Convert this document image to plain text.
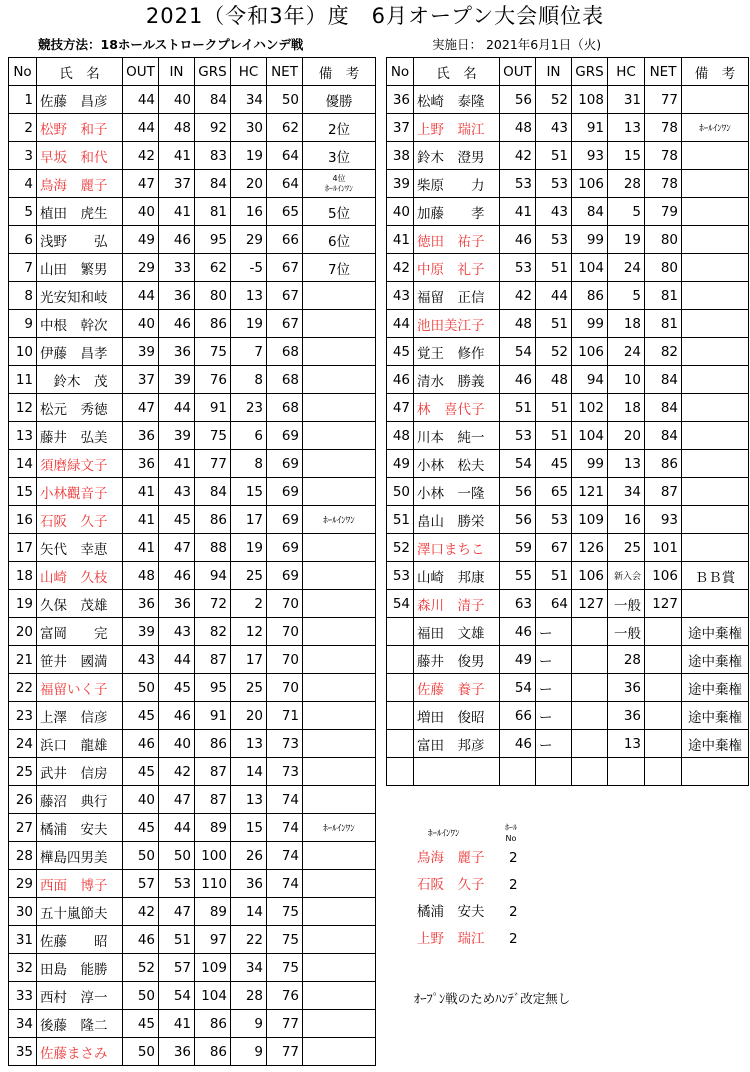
2021（令和3年）度　6月オープン大会順位表
競技方法：18ホールストロークプレイハンデ戦	実施日： 2021年6月1日（火)
No	氏　名	OUT	IN	GRS	HC	NET	備　考
1	佐藤　昌彦	44	40	84	34	50	優勝
2	松野　和子	44	48	92	30	62	2位
3	早坂　和代	42	41	83	19	64	3位
4	鳥海　麗子	47	37	84	20	64	4位
ﾎｰﾙｲﾝﾜﾝ

5	植田　虎生	40	41	81	16	65	5位
6	浅野　　弘	49	46	95	29	66	6位
7	山田　繁男	29	33	62	-5	67	7位
8	光安知和岐	44	36	80	13	67	
9	中根　幹次	40	46	86	19	67	
10	伊藤　昌孝	39	36	75	7	68	
11	　鈴木　茂	37	39	76	8	68	
12	松元　秀徳	47	44	91	23	68	
13	藤井　弘美	36	39	75	6	69	
14	須磨緑文子	36	41	77	8	69	
15	小林觀音子	41	43	84	15	69	
16	石阪　久子	41	45	86	17	69	ﾎｰﾙｲﾝﾜﾝ
17	矢代　幸恵	41	47	88	19	69	
18	山崎　久枝	48	46	94	25	69	
19	久保　茂雄	36	36	72	2	70	
20	富岡　　完	39	43	82	12	70	
21	笹井　國満	43	44	87	17	70	
22	福留いく子	50	45	95	25	70	
23	上澤　信彦	45	46	91	20	71	
24	浜口　龍雄	46	40	86	13	73	
25	武井　信房	45	42	87	14	73	
26	藤沼　典行	40	47	87	13	74	
27	橘浦　安夫	45	44	89	15	74	ﾎｰﾙｲﾝﾜﾝ
28	樺島四男美	50	50	100	26	74	
29	西面　博子	57	53	110	36	74	
30	五十嵐節夫	42	47	89	14	75	
31	佐藤　　昭	46	51	97	22	75	
32	田島　能勝	52	57	109	34	75	
33	西村　淳一	50	54	104	28	76	
34	後藤　隆二	45	41	86	9	77	
35	佐藤まさみ	50	36	86	9	77	
No	氏　名	OUT	IN	GRS	HC	NET	備　考
36	松崎　泰隆	56	52	108	31	77	
37	上野　瑞江	48	43	91	13	78	ﾎｰﾙｲﾝﾜﾝ
38	鈴木　澄男	42	51	93	15	78	
39	柴原　　力	53	53	106	28	78	
40	加藤　　孝	41	43	84	5	79	
41	徳田　祐子	46	53	99	19	80	
42	中原　礼子	53	51	104	24	80	
43	福留　正信	42	44	86	5	81	
44	池田美江子	48	51	99	18	81	
45	覚王　修作	54	52	106	24	82	
46	清水　勝義	46	48	94	10	84	
47	林　喜代子	51	51	102	18	84	
48	川本　純一	53	51	104	20	84	
49	小林　松夫	54	45	99	13	86	
50	小林　一隆	56	65	121	34	87	
51	畠山　勝栄	56	53	109	16	93	
52	澤口まちこ	59	67	126	25	101	
53	山崎　邦康	55	51	106	新入会	106	ＢＢ賞
54	森川　清子	63	64	127	一般	127	
	福田　文雄	46	ー		一般		途中棄権
	藤井　俊男	49	ー		28		途中棄権
	佐藤　養子	54	ー		36		途中棄権
	増田　俊昭	66	ー		36		途中棄権
	富田　邦彦	46	ー		13		途中棄権

ﾎｰﾙｲﾝﾜﾝ
ﾎｰﾙ
No
鳥海　麗子 2
石阪　久子 2
橘浦　安夫 2
上野　瑞江 2
ｵｰﾌﾟﾝ戦のためﾊﾝﾃﾞ改定無し
